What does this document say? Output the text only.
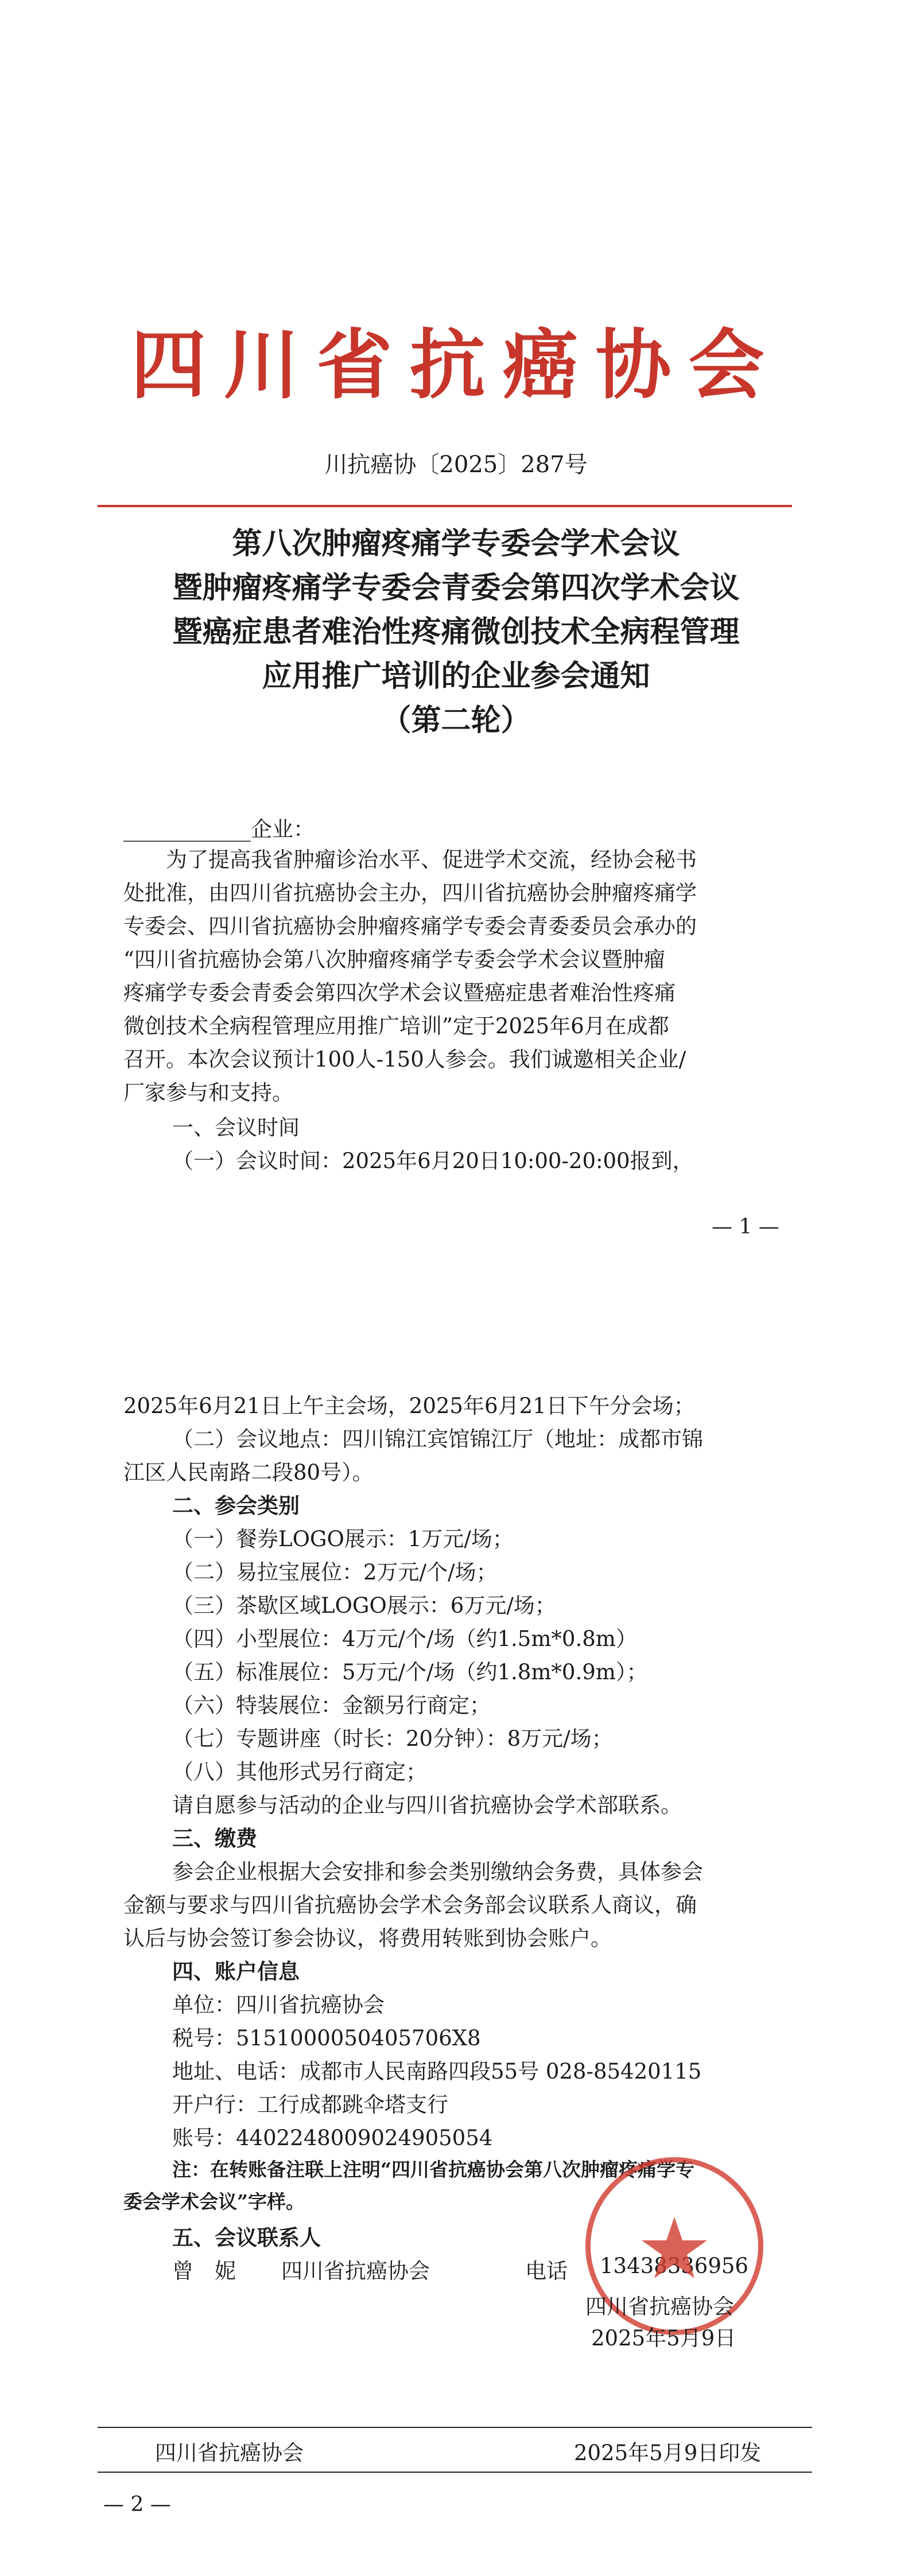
四川省抗癌协会
川抗癌协〔2025〕287号
第八次肿瘤疼痛学专委会学术会议
暨肿瘤疼痛学专委会青委会第四次学术会议
暨癌症患者难治性疼痛微创技术全病程管理
应用推广培训的企业参会通知
（第二轮）
____________企业：
为了提高我省肿瘤诊治水平、促进学术交流，经协会秘书
处批准，由四川省抗癌协会主办，四川省抗癌协会肿瘤疼痛学
专委会、四川省抗癌协会肿瘤疼痛学专委会青委委员会承办的
“四川省抗癌协会第八次肿瘤疼痛学专委会学术会议暨肿瘤
疼痛学专委会青委会第四次学术会议暨癌症患者难治性疼痛
微创技术全病程管理应用推广培训”定于2025年6月在成都
召开。本次会议预计100人-150人参会。我们诚邀相关企业/
厂家参与和支持。
一、会议时间
（一）会议时间：2025年6月20日10:00-20:00报到，
— 1 —
2025年6月21日上午主会场，2025年6月21日下午分会场；
（二）会议地点：四川锦江宾馆锦江厅（地址：成都市锦
江区人民南路二段80号）。
二、参会类别
（一）餐券LOGO展示：1万元/场；
（二）易拉宝展位：2万元/个/场；
（三）茶歇区域LOGO展示：6万元/场；
（四）小型展位：4万元/个/场（约1.5m*0.8m）
（五）标准展位：5万元/个/场（约1.8m*0.9m）；
（六）特装展位：金额另行商定；
（七）专题讲座（时长：20分钟）：8万元/场；
（八）其他形式另行商定；
请自愿参与活动的企业与四川省抗癌协会学术部联系。
三、缴费
参会企业根据大会安排和参会类别缴纳会务费，具体参会
金额与要求与四川省抗癌协会学术会务部会议联系人商议，确
认后与协会签订参会协议，将费用转账到协会账户。
四、账户信息
单位：四川省抗癌协会
税号：5151000050405706X8
地址、电话：成都市人民南路四段55号 028-85420115
开户行：工行成都跳伞塔支行
账号：4402248009024905054
注：在转账备注联上注明“四川省抗癌协会第八次肿瘤疼痛学专
委会学术会议”字样。
五、会议联系人
曾　妮 四川省抗癌协会	电话 13438336956
四川省抗癌协会
2025年5月9日
四川省抗癌协会	2025年5月9日印发
— 2 —
